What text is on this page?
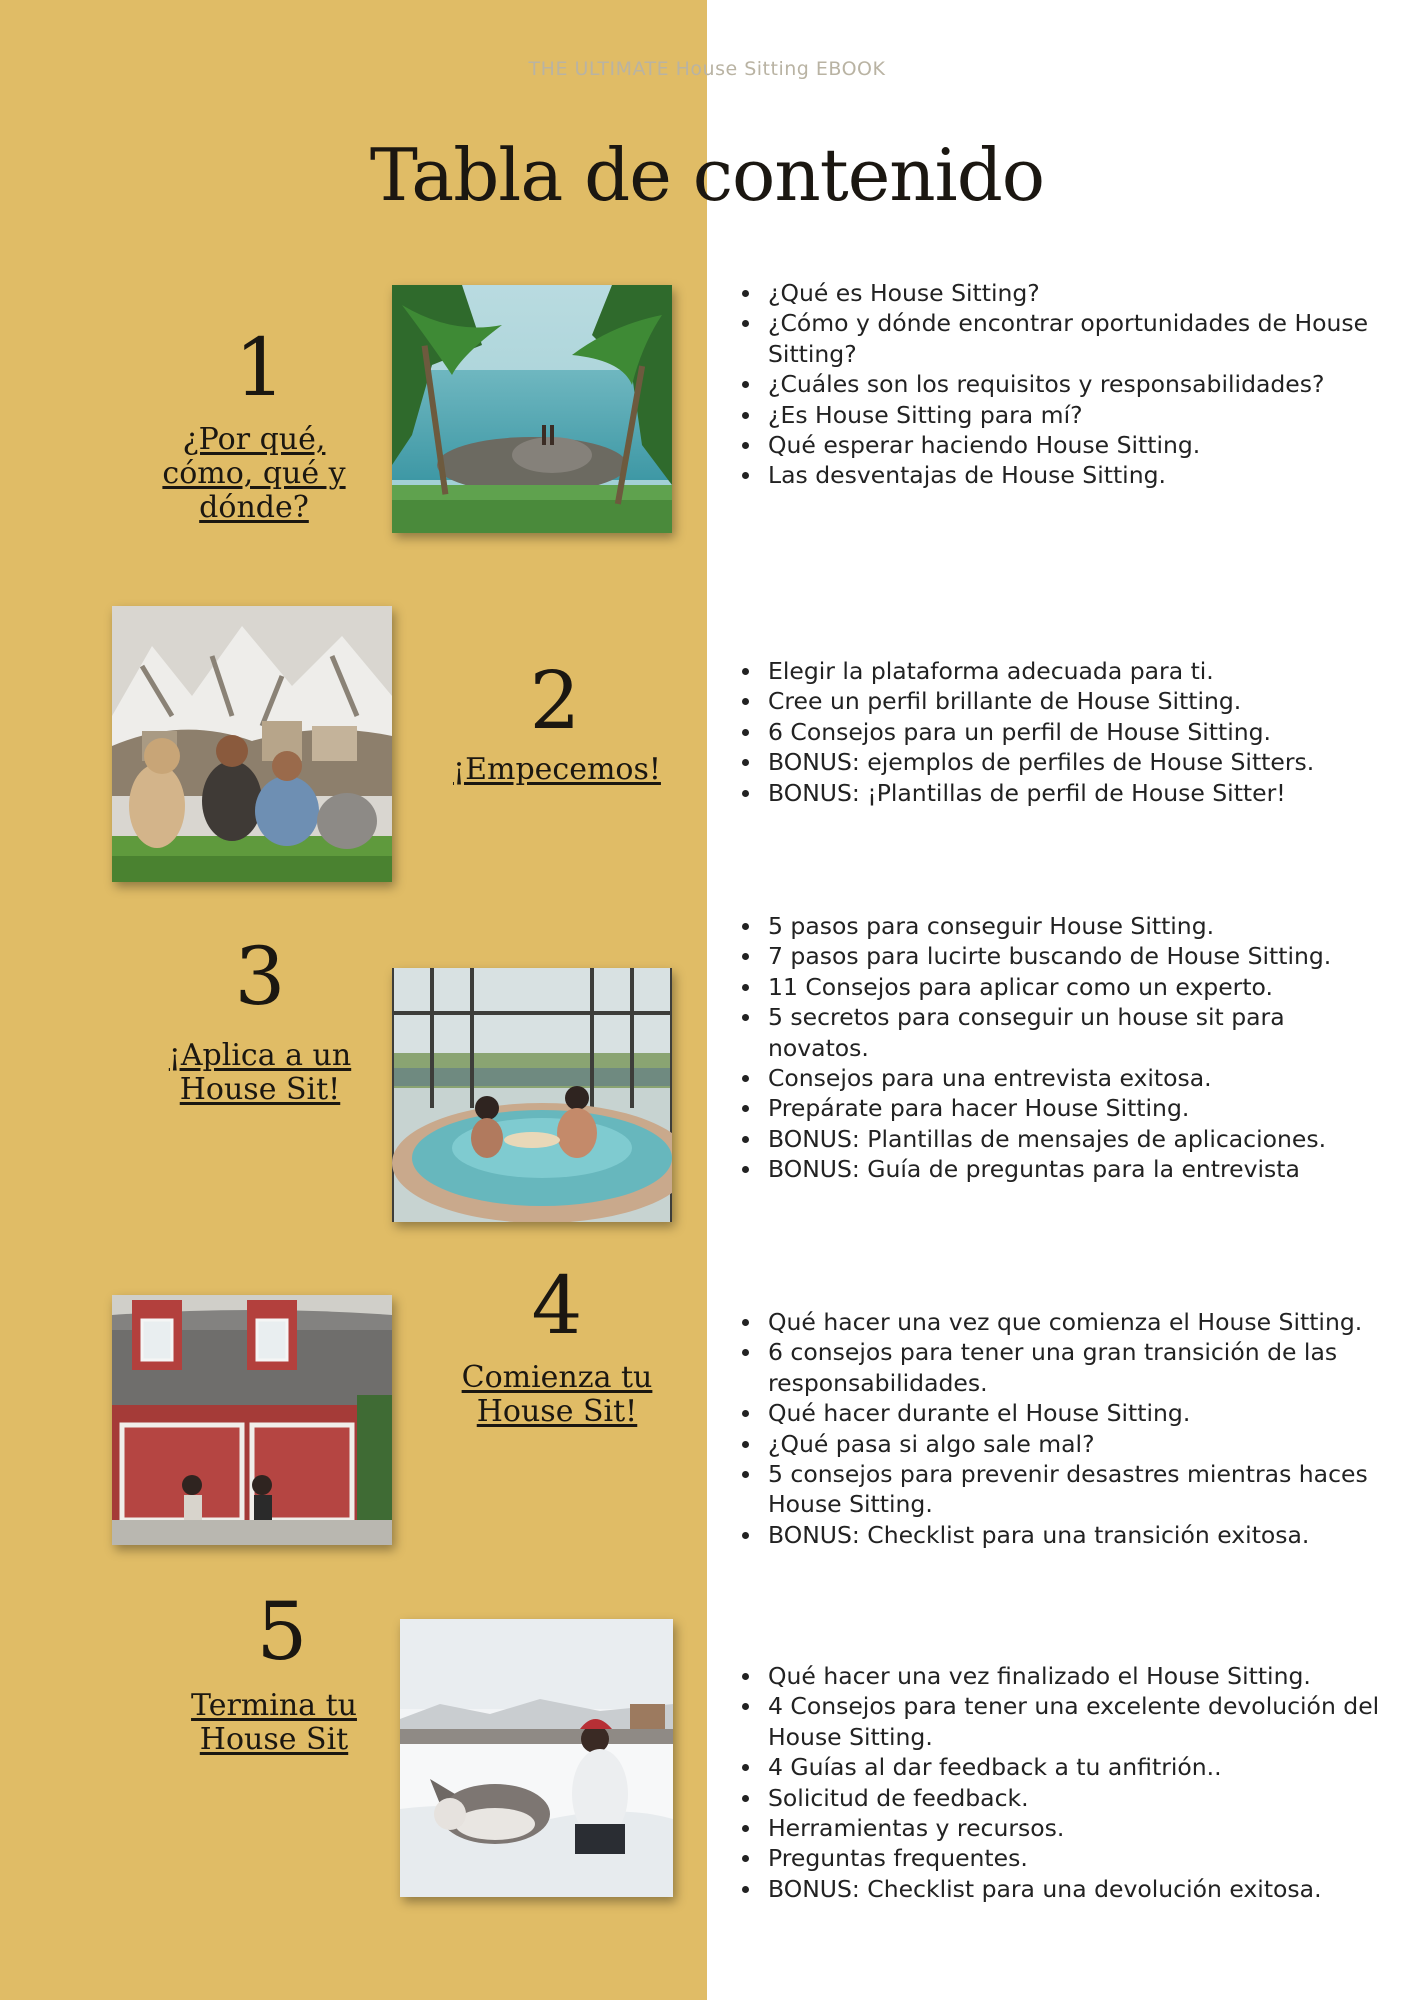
THE ULTIMATE House Sitting EBOOK
Tabla de contenido
1
¿Por qué,
cómo, qué y
dónde?
¿Qué es House Sitting?
¿Cómo y dónde encontrar oportunidades de House Sitting?
¿Cuáles son los requisitos y responsabilidades?
¿Es House Sitting para mí?
Qué esperar haciendo House Sitting.
Las desventajas de House Sitting.
2
¡Empecemos!
Elegir la plataforma adecuada para ti.
Cree un perfil brillante de House Sitting.
6 Consejos para un perfil de House Sitting.
BONUS: ejemplos de perfiles de House Sitters.
BONUS: ¡Plantillas de perfil de House Sitter!
3
¡Aplica a un
House Sit!
5 pasos para conseguir House Sitting.
7 pasos para lucirte buscando de House Sitting.
11 Consejos para aplicar como un experto.
5 secretos para conseguir un house sit para novatos.
Consejos para una entrevista exitosa.
Prepárate para hacer House Sitting.
BONUS: Plantillas de mensajes de aplicaciones.
BONUS: Guía de preguntas para la entrevista
4
Comienza tu
House Sit!
Qué hacer una vez que comienza el House Sitting.
6 consejos para tener una gran transición de las responsabilidades.
Qué hacer durante el House Sitting.
¿Qué pasa si algo sale mal?
5 consejos para prevenir desastres mientras haces House Sitting.
BONUS: Checklist para una transición exitosa.
5
Termina tu
House Sit
Qué hacer una vez finalizado el House Sitting.
4 Consejos para tener una excelente devolución del House Sitting.
4 Guías al dar feedback a tu anfitrión..
Solicitud de feedback.
Herramientas y recursos.
Preguntas frequentes.
BONUS: Checklist para una devolución exitosa.
